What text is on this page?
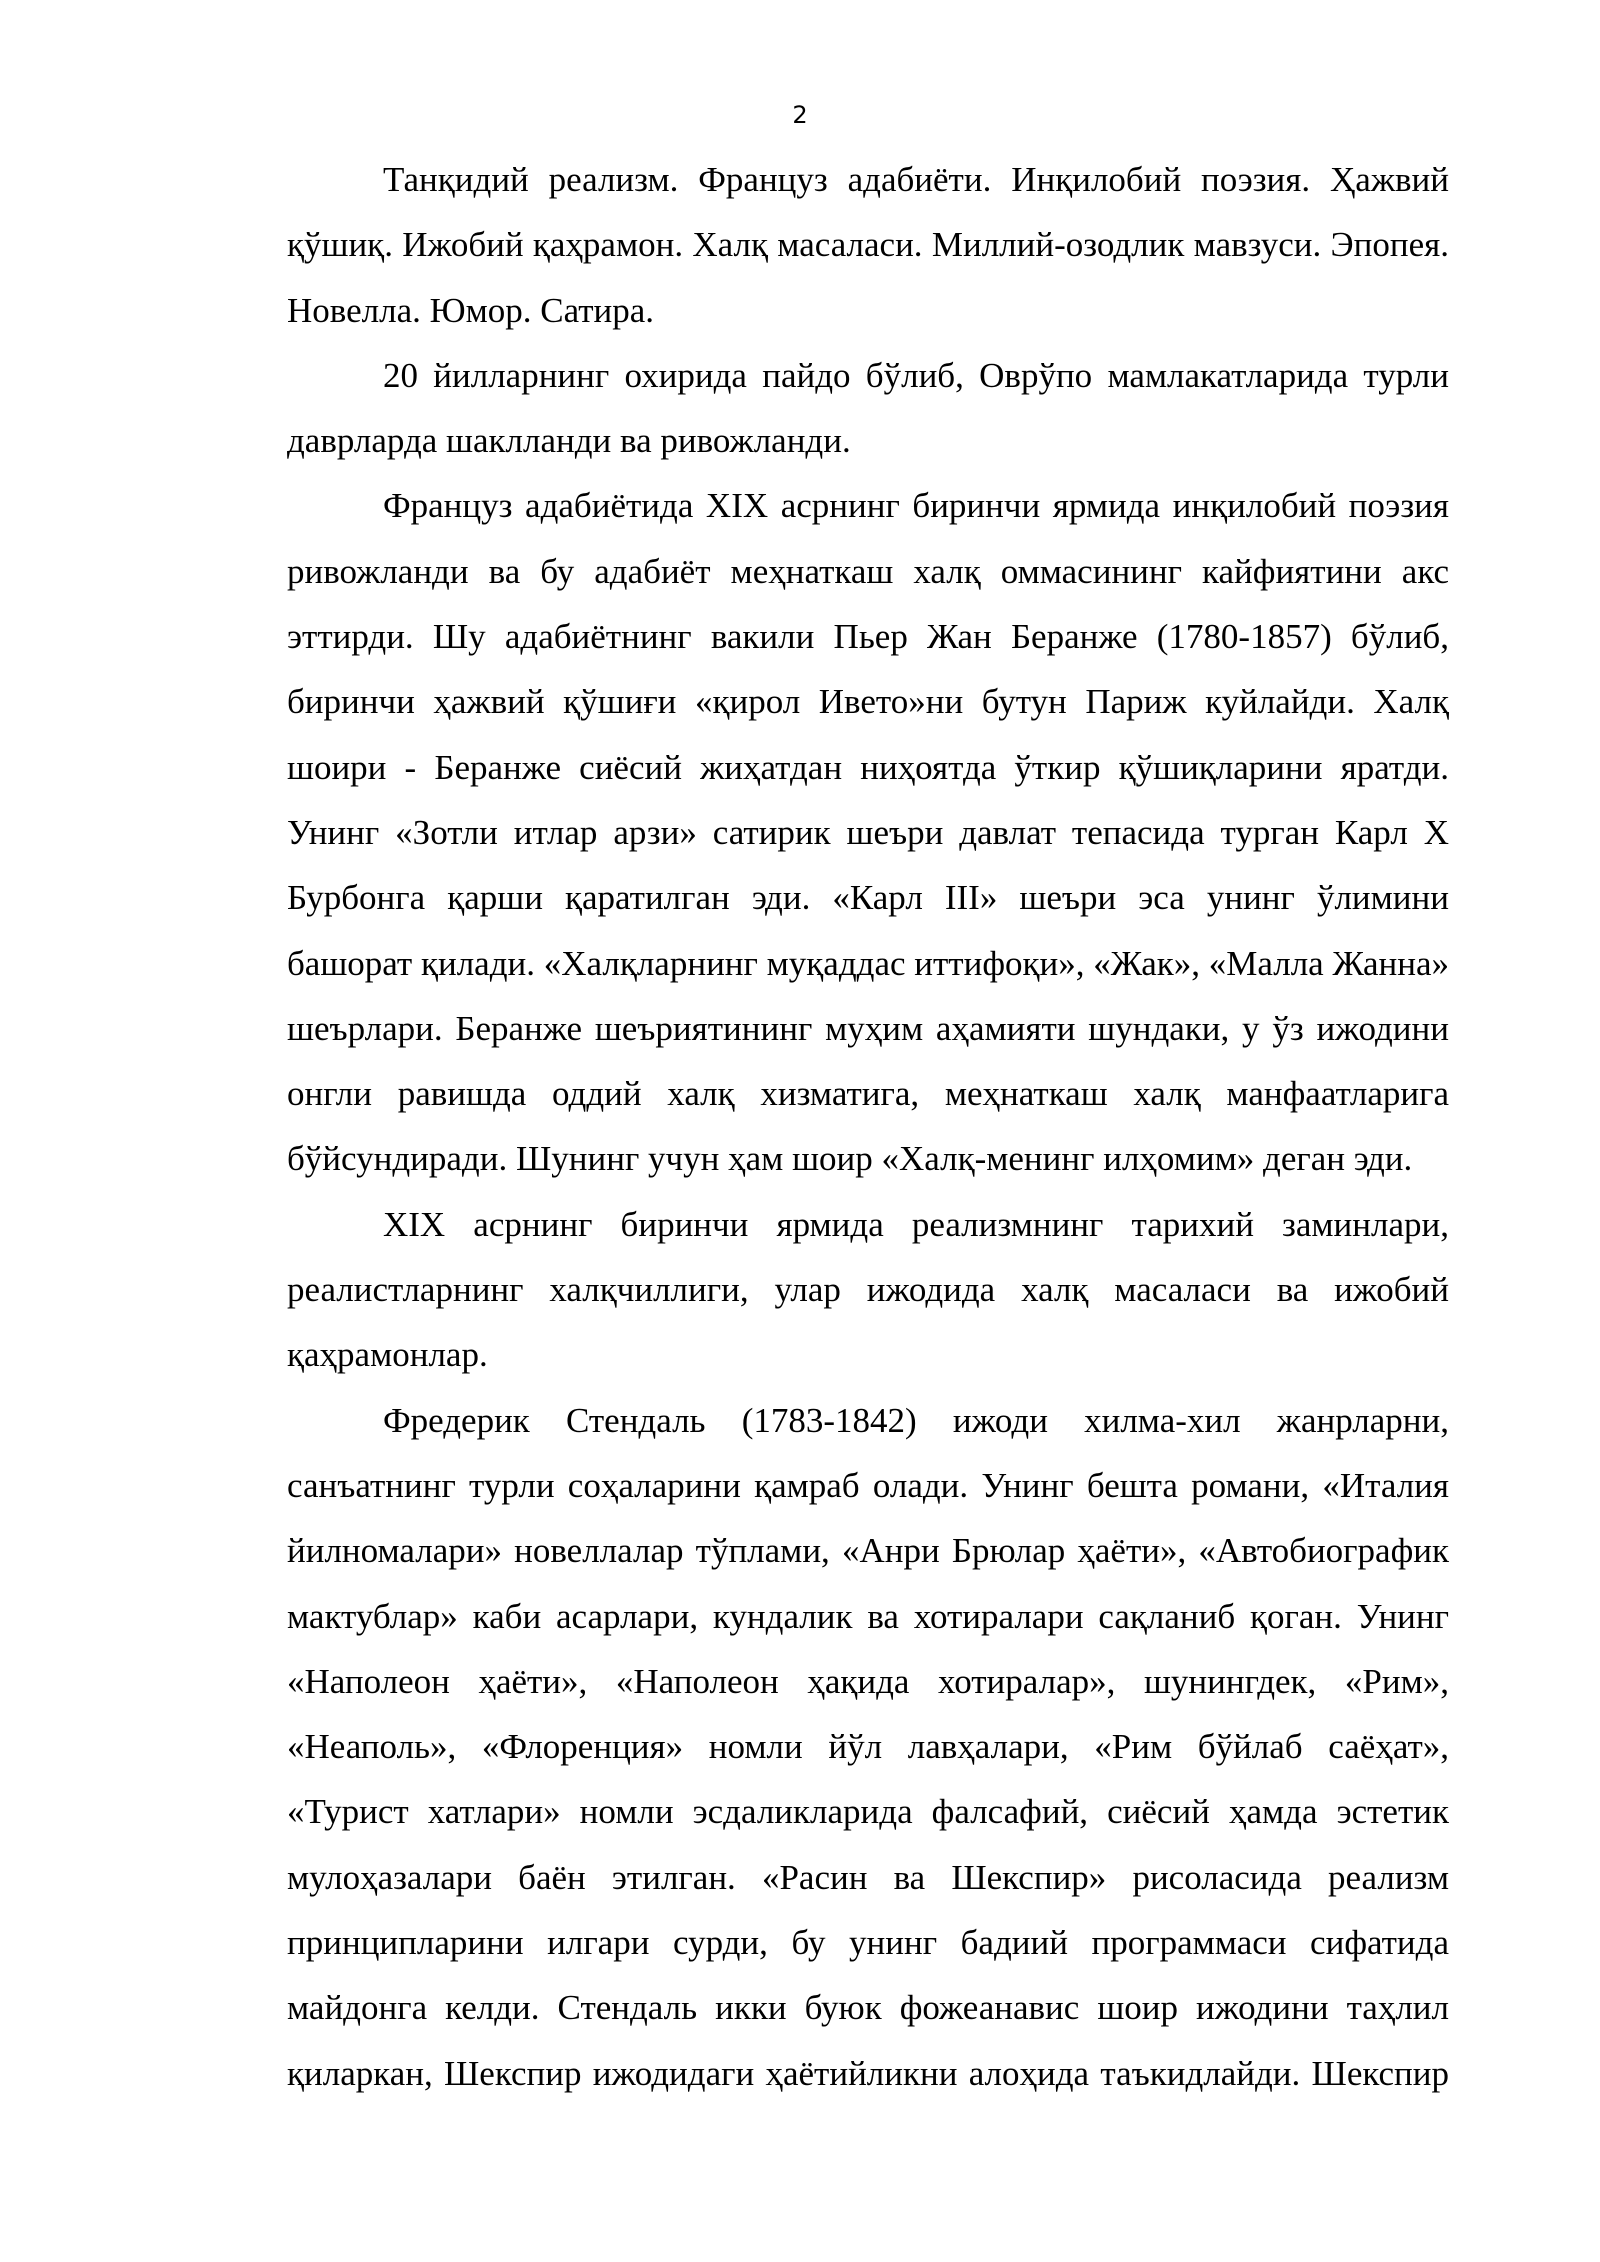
2
Танқидий реализм. Француз адабиёти. Инқилобий поэзия. Ҳажвий
қўшиқ. Ижобий қаҳрамон. Халқ масаласи. Миллий-озодлик мавзуси. Эпопея.
Новелла. Юмор. Сатира.
20 йилларнинг охирида пайдо бўлиб, Оврўпо мамлакатларида турли
даврларда шаклланди ва ривожланди.
Француз адабиётида XIX асрнинг биринчи ярмида инқилобий поэзия
ривожланди ва бу адабиёт меҳнаткаш халқ оммасининг кайфиятини акс
эттирди. Шу адабиётнинг вакили Пьер Жан Беранже (1780-1857) бўлиб,
биринчи ҳажвий қўшиғи «қирол Ивето»ни бутун Париж куйлайди. Халқ
шоири - Беранже сиёсий жиҳатдан ниҳоятда ўткир қўшиқларини яратди.
Унинг «Зотли итлар арзи» сатирик шеъри давлат тепасида турган Карл X
Бурбонга қарши қаратилган эди. «Карл III» шеъри эса унинг ўлимини
башорат қилади. «Халқларнинг муқаддас иттифоқи», «Жак», «Малла Жанна»
шеърлари. Беранже шеъриятининг муҳим аҳамияти шундаки, у ўз ижодини
онгли равишда оддий халқ хизматига, меҳнаткаш халқ манфаатларига
бўйсундиради. Шунинг учун ҳам шоир «Халқ-менинг илҳомим» деган эди.
XIX асрнинг биринчи ярмида реализмнинг тарихий заминлари,
реалистларнинг халқчиллиги, улар ижодида халқ масаласи ва ижобий
қаҳрамонлар.
Фредерик Стендаль (1783-1842) ижоди хилма-хил жанрларни,
санъатнинг турли соҳаларини қамраб олади. Унинг бешта романи, «Италия
йилномалари» новеллалар тўплами, «Анри Брюлар ҳаёти», «Автобиографик
мактублар» каби асарлари, кундалик ва хотиралари сақланиб қоган. Унинг
«Наполеон ҳаёти», «Наполеон ҳақида хотиралар», шунингдек, «Рим»,
«Неаполь», «Флоренция» номли йўл лавҳалари, «Рим бўйлаб саёҳат»,
«Турист хатлари» номли эсдаликларида фалсафий, сиёсий ҳамда эстетик
мулоҳазалари баён этилган. «Расин ва Шекспир» рисоласида реализм
принципларини илгари сурди, бу унинг бадиий программаси сифатида
майдонга келди. Стендаль икки буюк фожеанавис шоир ижодини таҳлил
қиларкан, Шекспир ижодидаги ҳаётийликни алоҳида таъкидлайди. Шекспир
